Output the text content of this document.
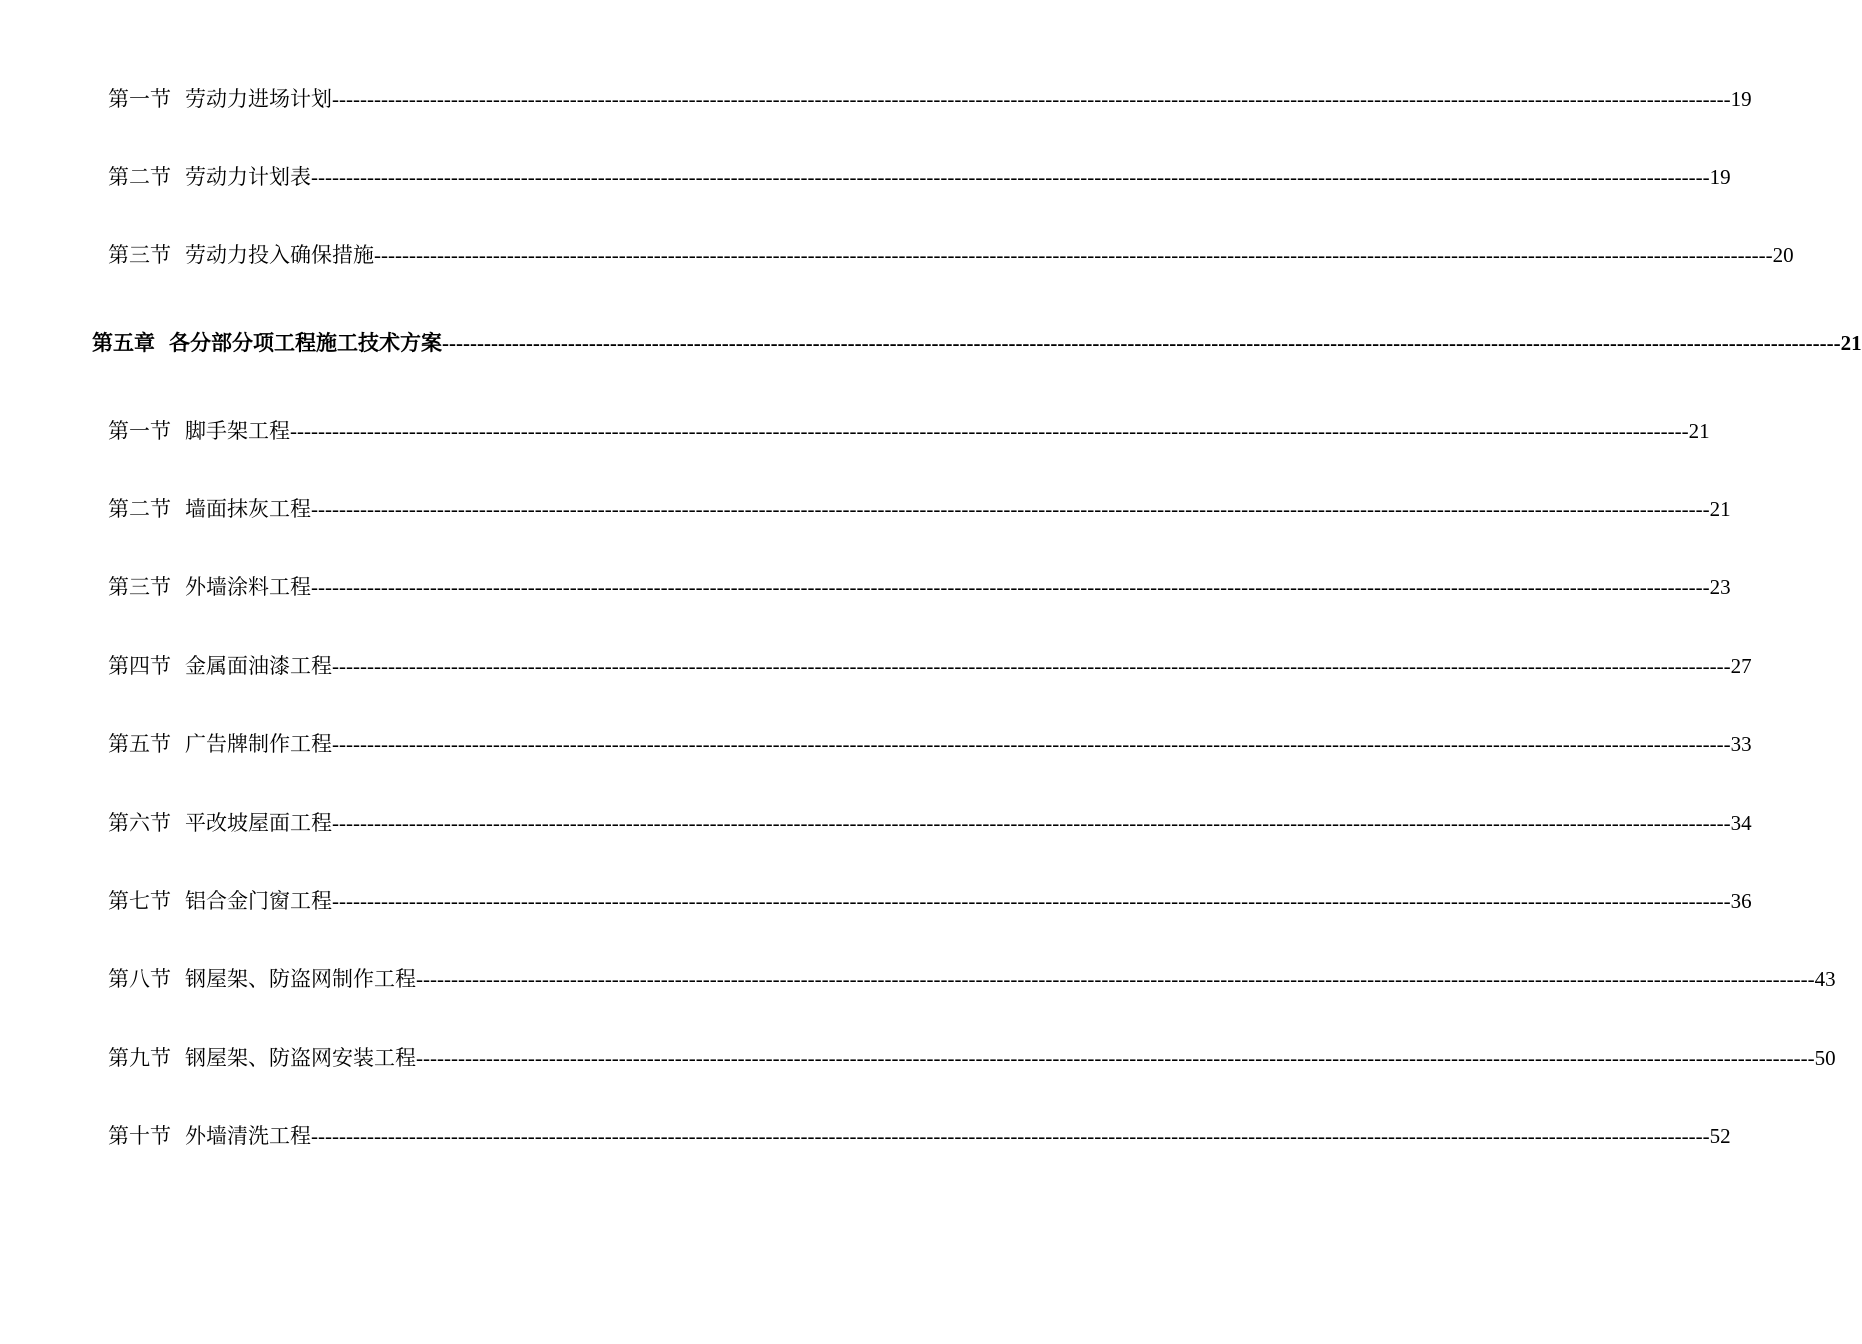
第一节 劳动力进场计划 -------------------------------------------------------------------------------------------------------------------------------------------------------------------------------------------------------- 19
第二节 劳动力计划表 -------------------------------------------------------------------------------------------------------------------------------------------------------------------------------------------------------- 19
第三节 劳动力投入确保措施 -------------------------------------------------------------------------------------------------------------------------------------------------------------------------------------------------------- 20
第五章 各分部分项工程施工技术方案 -------------------------------------------------------------------------------------------------------------------------------------------------------------------------------------------------------- 21
第一节 脚手架工程 -------------------------------------------------------------------------------------------------------------------------------------------------------------------------------------------------------- 21
第二节 墙面抹灰工程 -------------------------------------------------------------------------------------------------------------------------------------------------------------------------------------------------------- 21
第三节 外墙涂料工程 -------------------------------------------------------------------------------------------------------------------------------------------------------------------------------------------------------- 23
第四节 金属面油漆工程 -------------------------------------------------------------------------------------------------------------------------------------------------------------------------------------------------------- 27
第五节 广告牌制作工程 -------------------------------------------------------------------------------------------------------------------------------------------------------------------------------------------------------- 33
第六节 平改坡屋面工程 -------------------------------------------------------------------------------------------------------------------------------------------------------------------------------------------------------- 34
第七节 铝合金门窗工程 -------------------------------------------------------------------------------------------------------------------------------------------------------------------------------------------------------- 36
第八节 钢屋架、防盗网制作工程 -------------------------------------------------------------------------------------------------------------------------------------------------------------------------------------------------------- 43
第九节 钢屋架、防盗网安装工程 -------------------------------------------------------------------------------------------------------------------------------------------------------------------------------------------------------- 50
第十节 外墙清洗工程 -------------------------------------------------------------------------------------------------------------------------------------------------------------------------------------------------------- 52
